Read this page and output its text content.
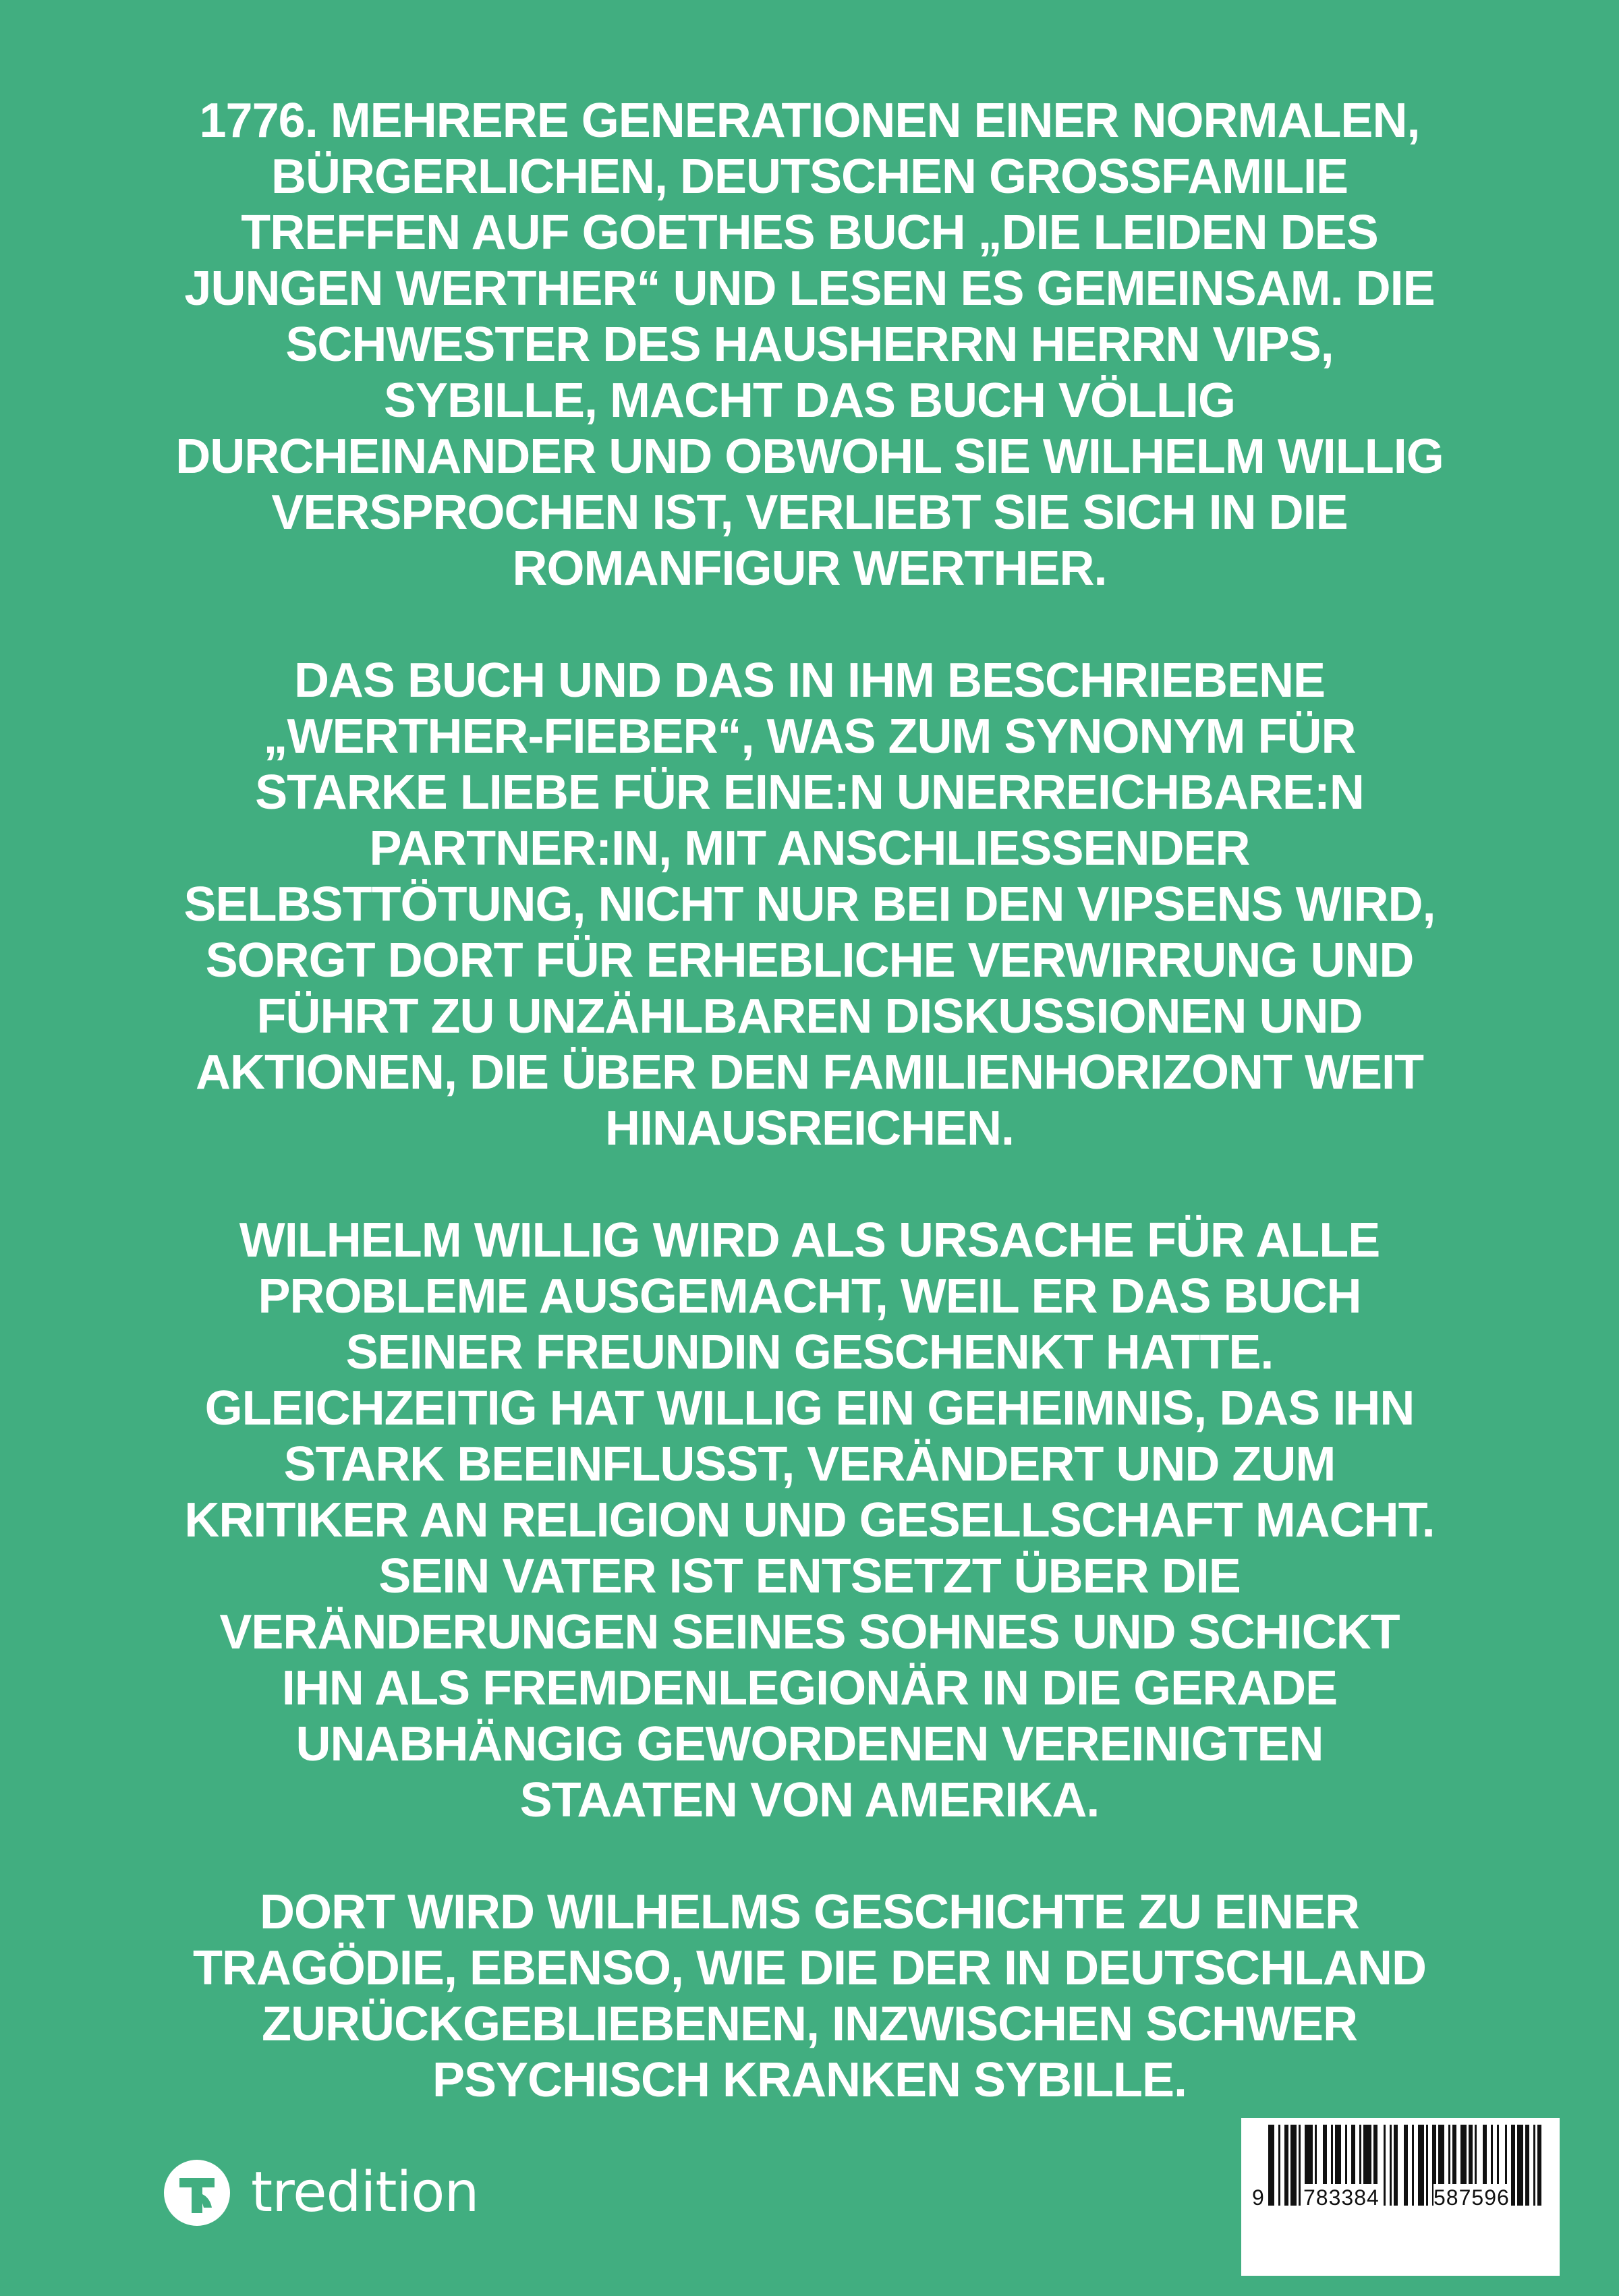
1776. MEHRERE GENERATIONEN EINER NORMALEN,
BÜRGERLICHEN, DEUTSCHEN GROSSFAMILIE
TREFFEN AUF GOETHES BUCH „DIE LEIDEN DES
JUNGEN WERTHER“ UND LESEN ES GEMEINSAM. DIE
SCHWESTER DES HAUSHERRN HERRN VIPS,
SYBILLE, MACHT DAS BUCH VÖLLIG
DURCHEINANDER UND OBWOHL SIE WILHELM WILLIG
VERSPROCHEN IST, VERLIEBT SIE SICH IN DIE
ROMANFIGUR WERTHER.
DAS BUCH UND DAS IN IHM BESCHRIEBENE
„WERTHER-FIEBER“, WAS ZUM SYNONYM FÜR
STARKE LIEBE FÜR EINE:N UNERREICHBARE:N
PARTNER:IN, MIT ANSCHLIESSENDER
SELBSTTÖTUNG, NICHT NUR BEI DEN VIPSENS WIRD,
SORGT DORT FÜR ERHEBLICHE VERWIRRUNG UND
FÜHRT ZU UNZÄHLBAREN DISKUSSIONEN UND
AKTIONEN, DIE ÜBER DEN FAMILIENHORIZONT WEIT
HINAUSREICHEN.
WILHELM WILLIG WIRD ALS URSACHE FÜR ALLE
PROBLEME AUSGEMACHT, WEIL ER DAS BUCH
SEINER FREUNDIN GESCHENKT HATTE.
GLEICHZEITIG HAT WILLIG EIN GEHEIMNIS, DAS IHN
STARK BEEINFLUSST, VERÄNDERT UND ZUM
KRITIKER AN RELIGION UND GESELLSCHAFT MACHT.
SEIN VATER IST ENTSETZT ÜBER DIE
VERÄNDERUNGEN SEINES SOHNES UND SCHICKT
IHN ALS FREMDENLEGIONÄR IN DIE GERADE
UNABHÄNGIG GEWORDENEN VEREINIGTEN
STAATEN VON AMERIKA.
DORT WIRD WILHELMS GESCHICHTE ZU EINER
TRAGÖDIE, EBENSO, WIE DIE DER IN DEUTSCHLAND
ZURÜCKGEBLIEBENEN, INZWISCHEN SCHWER
PSYCHISCH KRANKEN SYBILLE.
tredition	9 783384	587596
